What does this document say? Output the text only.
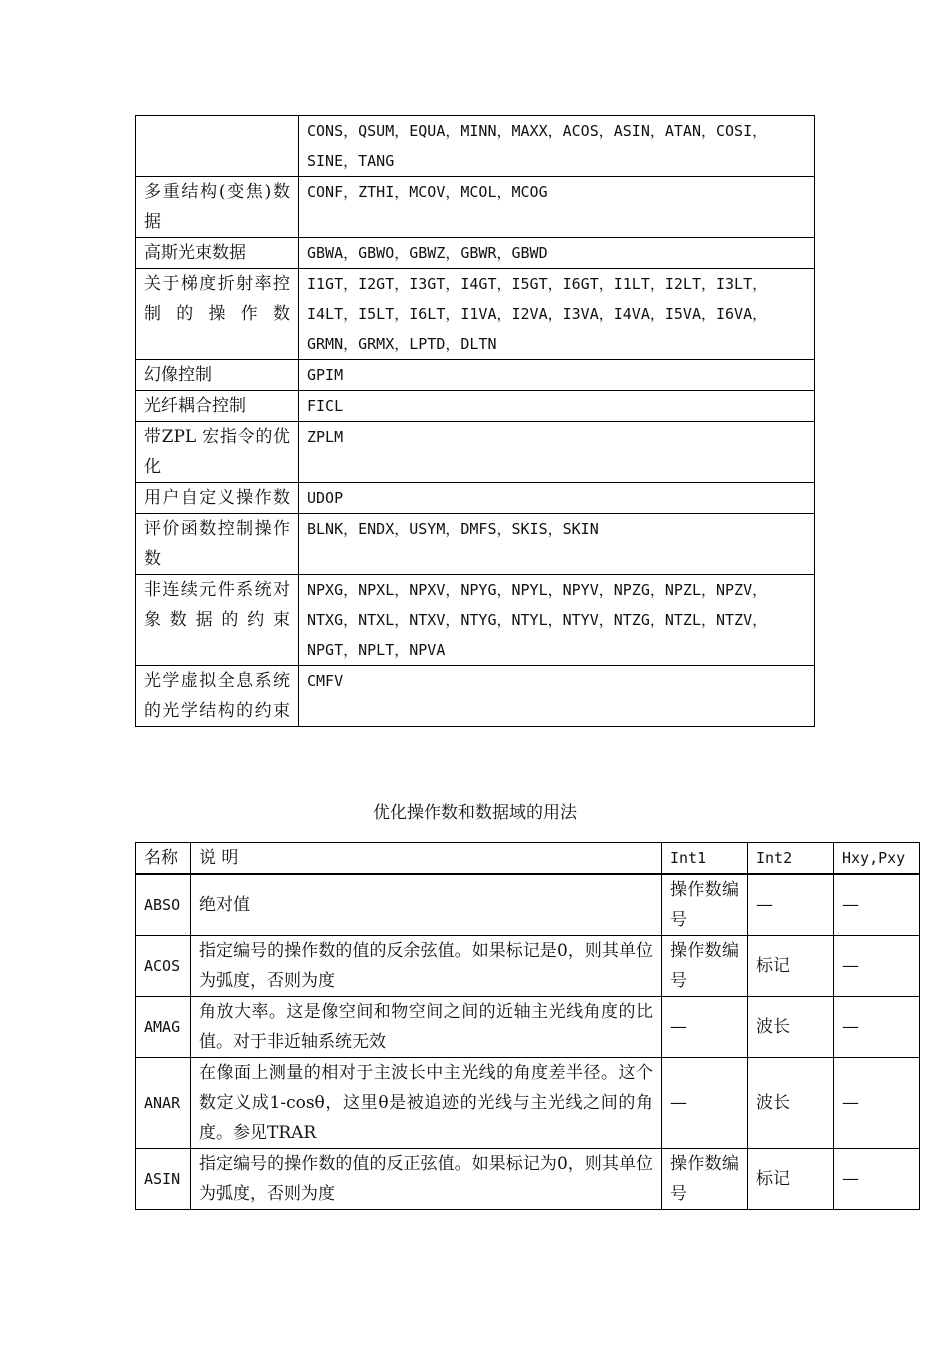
	CONS，QSUM，EQUA，MINN，MAXX，ACOS，ASIN，ATAN，COSI，SINE，TANG
多重结构(变焦)数据	CONF，ZTHI，MCOV，MCOL，MCOG
高斯光束数据	GBWA，GBWO，GBWZ，GBWR，GBWD
关于梯度折射率控制的操作数	I1GT，I2GT，I3GT，I4GT，I5GT，I6GT，I1LT，I2LT，I3LT，I4LT，I5LT，I6LT，I1VA，I2VA，I3VA，I4VA，I5VA，I6VA，GRMN，GRMX，LPTD，DLTN
幻像控制	GPIM
光纤耦合控制	FICL
带ZPL 宏指令的优化	ZPLM
用户自定义操作数	UDOP
评价函数控制操作数	BLNK，ENDX，USYM，DMFS，SKIS，SKIN
非连续元件系统对象数据的约束	NPXG，NPXL，NPXV，NPYG，NPYL，NPYV，NPZG，NPZL，NPZV，NTXG，NTXL，NTXV，NTYG，NTYL，NTYV，NTZG，NTZL，NTZV，NPGT，NPLT，NPVA
光学虚拟全息系统的光学结构的约束	CMFV
优化操作数和数据域的用法
名称	说 明	Int1	Int2	Hxy,Pxy
ABSO	绝对值	操作数编号	—	—
ACOS	指定编号的操作数的值的反余弦值。如果标记是0，则其单位为弧度，否则为度	操作数编号	标记	—
AMAG	角放大率。这是像空间和物空间之间的近轴主光线角度的比值。对于非近轴系统无效	—	波长	—
ANAR	在像面上测量的相对于主波长中主光线的角度差半径。这个数定义成1-cosθ，这里θ是被追迹的光线与主光线之间的角度。参见TRAR	—	波长	—
ASIN	指定编号的操作数的值的反正弦值。如果标记为0，则其单位为弧度，否则为度	操作数编号	标记	—
